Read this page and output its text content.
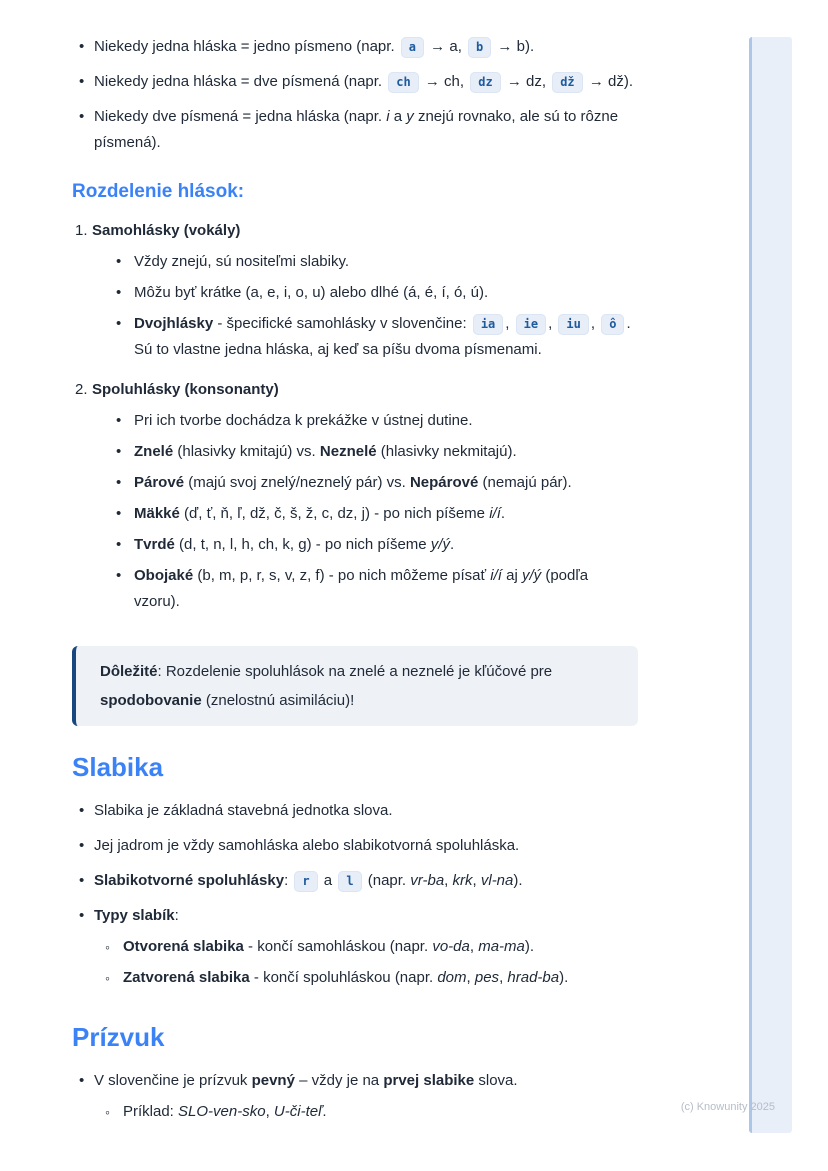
• Niekedy jedna hláska = jedno písmeno (napr. a → a, b → b).
• Niekedy jedna hláska = dve písmená (napr. ch → ch, dz → dz, dž → dž).
• Niekedy dve písmená = jedna hláska (napr. i a y znejú rovnako, ale sú to rôzne písmená).
Rozdelenie hlások:
1. Samohlásky (vokály)
• Vždy znejú, sú nositeľmi slabiky.
• Môžu byť krátke (a, e, i, o, u) alebo dlhé (á, é, í, ó, ú).
• Dvojhlásky - špecifické samohlásky v slovenčine: ia , ie , iu , ô . Sú to vlastne jedna hláska, aj keď sa píšu dvoma písmenami.
2. Spoluhlásky (konsonanty)
• Pri ich tvorbe dochádza k prekážke v ústnej dutine.
• Znelé (hlasivky kmitajú) vs. Neznelé (hlasivky nekmitajú).
• Párové (majú svoj znelý/neznelý pár) vs. Nepárové (nemajú pár).
• Mäkké (ď, ť, ň, ľ, dž, č, š, ž, c, dz, j) - po nich píšeme i/í.
• Tvrdé (d, t, n, l, h, ch, k, g) - po nich píšeme y/ý.
• Obojaké (b, m, p, r, s, v, z, f) - po nich môžeme písať i/í aj y/ý (podľa vzoru).

Dôležité: Rozdelenie spoluhlások na znelé a neznelé je kľúčové pre spodobovanie (znelostnú asimiláciu)!

Slabika
• Slabika je základná stavebná jednotka slova.
• Jej jadrom je vždy samohláska alebo slabikotvorná spoluhláska.
• Slabikotvorné spoluhlásky: r a l (napr. vr-ba, krk, vl-na).
• Typy slabík:
◦ Otvorená slabika - končí samohláskou (napr. vo-da, ma-ma).
◦ Zatvorená slabika - končí spoluhláskou (napr. dom, pes, hrad-ba).
Prízvuk
• V slovenčine je prízvuk pevný – vždy je na prvej slabike slova.
◦ Príklad: SLO-ven-sko, U-či-teľ.	(c) Knowunity 2025
